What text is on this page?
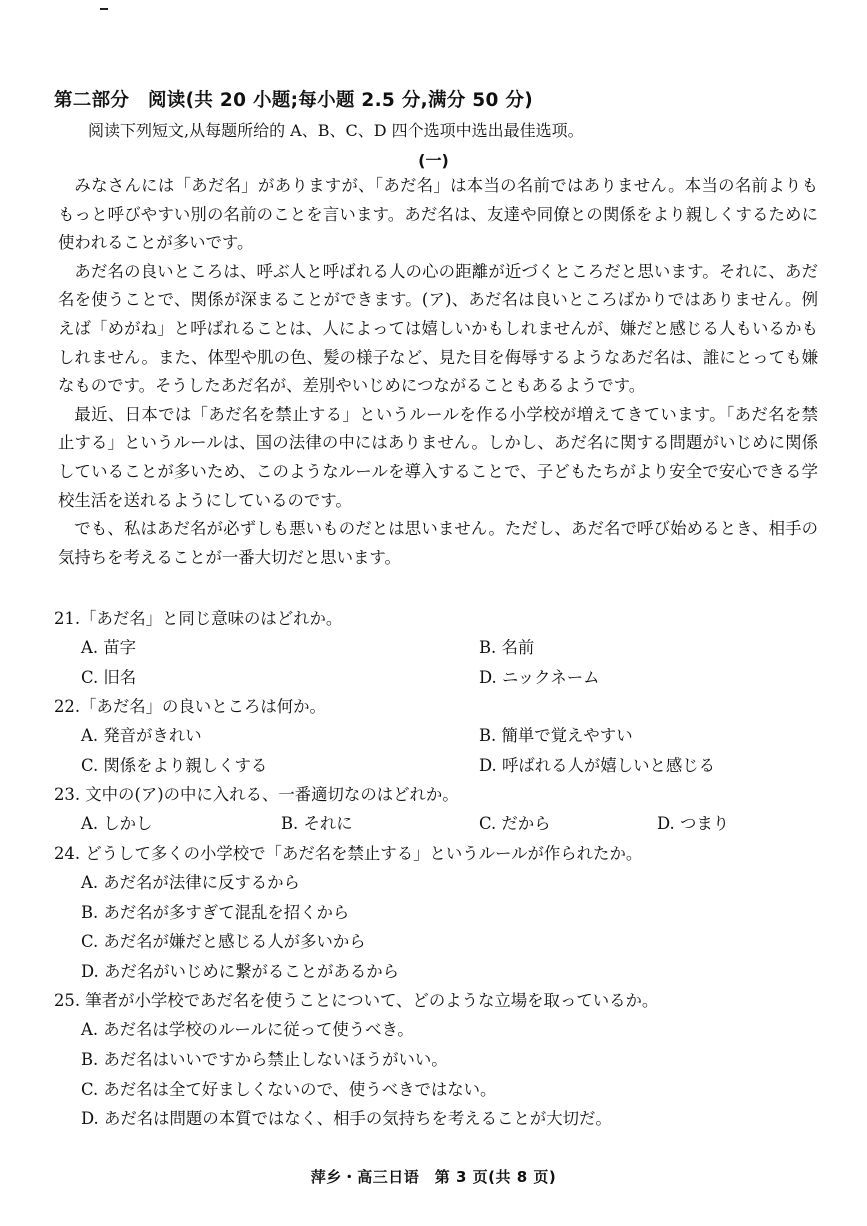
第二部分　阅读(共 20 小题;每小题 2.5 分,满分 50 分)
阅读下列短文,从每题所给的 A、B、C、D 四个选项中选出最佳选项。
(一)

みなさんには「あだ名」がありますが、「あだ名」は本当の名前ではありません。本当の名前よりももっと呼びやすい別の名前のことを言います。あだ名は、友達や同僚との関係をより親しくするために使われることが多いです。

あだ名の良いところは、呼ぶ人と呼ばれる人の心の距離が近づくところだと思います。それに、あだ名を使うことで、関係が深まることができます。(ア)、あだ名は良いところばかりではありません。例えば「めがね」と呼ばれることは、人によっては嬉しいかもしれませんが、嫌だと感じる人もいるかもしれません。また、体型や肌の色、髪の様子など、見た目を侮辱するようなあだ名は、誰にとっても嫌なものです。そうしたあだ名が、差別やいじめにつながることもあるようです。

最近、日本では「あだ名を禁止する」というルールを作る小学校が増えてきています。「あだ名を禁止する」というルールは、国の法律の中にはありません。しかし、あだ名に関する問題がいじめに関係していることが多いため、このようなルールを導入することで、子どもたちがより安全で安心できる学校生活を送れるようにしているのです。

でも、私はあだ名が必ずしも悪いものだとは思いません。ただし、あだ名で呼び始めるとき、相手の気持ちを考えることが一番大切だと思います。

21.「あだ名」と同じ意味のはどれか。
A. 苗字	B. 名前
C. 旧名	D. ニックネーム
22.「あだ名」の良いところは何か。
A. 発音がきれい	B. 簡単で覚えやすい
C. 関係をより親しくする	D. 呼ばれる人が嬉しいと感じる
23. 文中の(ア)の中に入れる、一番適切なのはどれか。
A. しかし	B. それに	C. だから	D. つまり
24. どうして多くの小学校で「あだ名を禁止する」というルールが作られたか。
A. あだ名が法律に反するから
B. あだ名が多すぎて混乱を招くから
C. あだ名が嫌だと感じる人が多いから
D. あだ名がいじめに繋がることがあるから
25. 筆者が小学校であだ名を使うことについて、どのような立場を取っているか。
A. あだ名は学校のルールに従って使うべき。
B. あだ名はいいですから禁止しないほうがいい。
C. あだ名は全て好ましくないので、使うべきではない。
D. あだ名は問題の本質ではなく、相手の気持ちを考えることが大切だ。
萍乡・高三日语　第 3 页(共 8 页)
